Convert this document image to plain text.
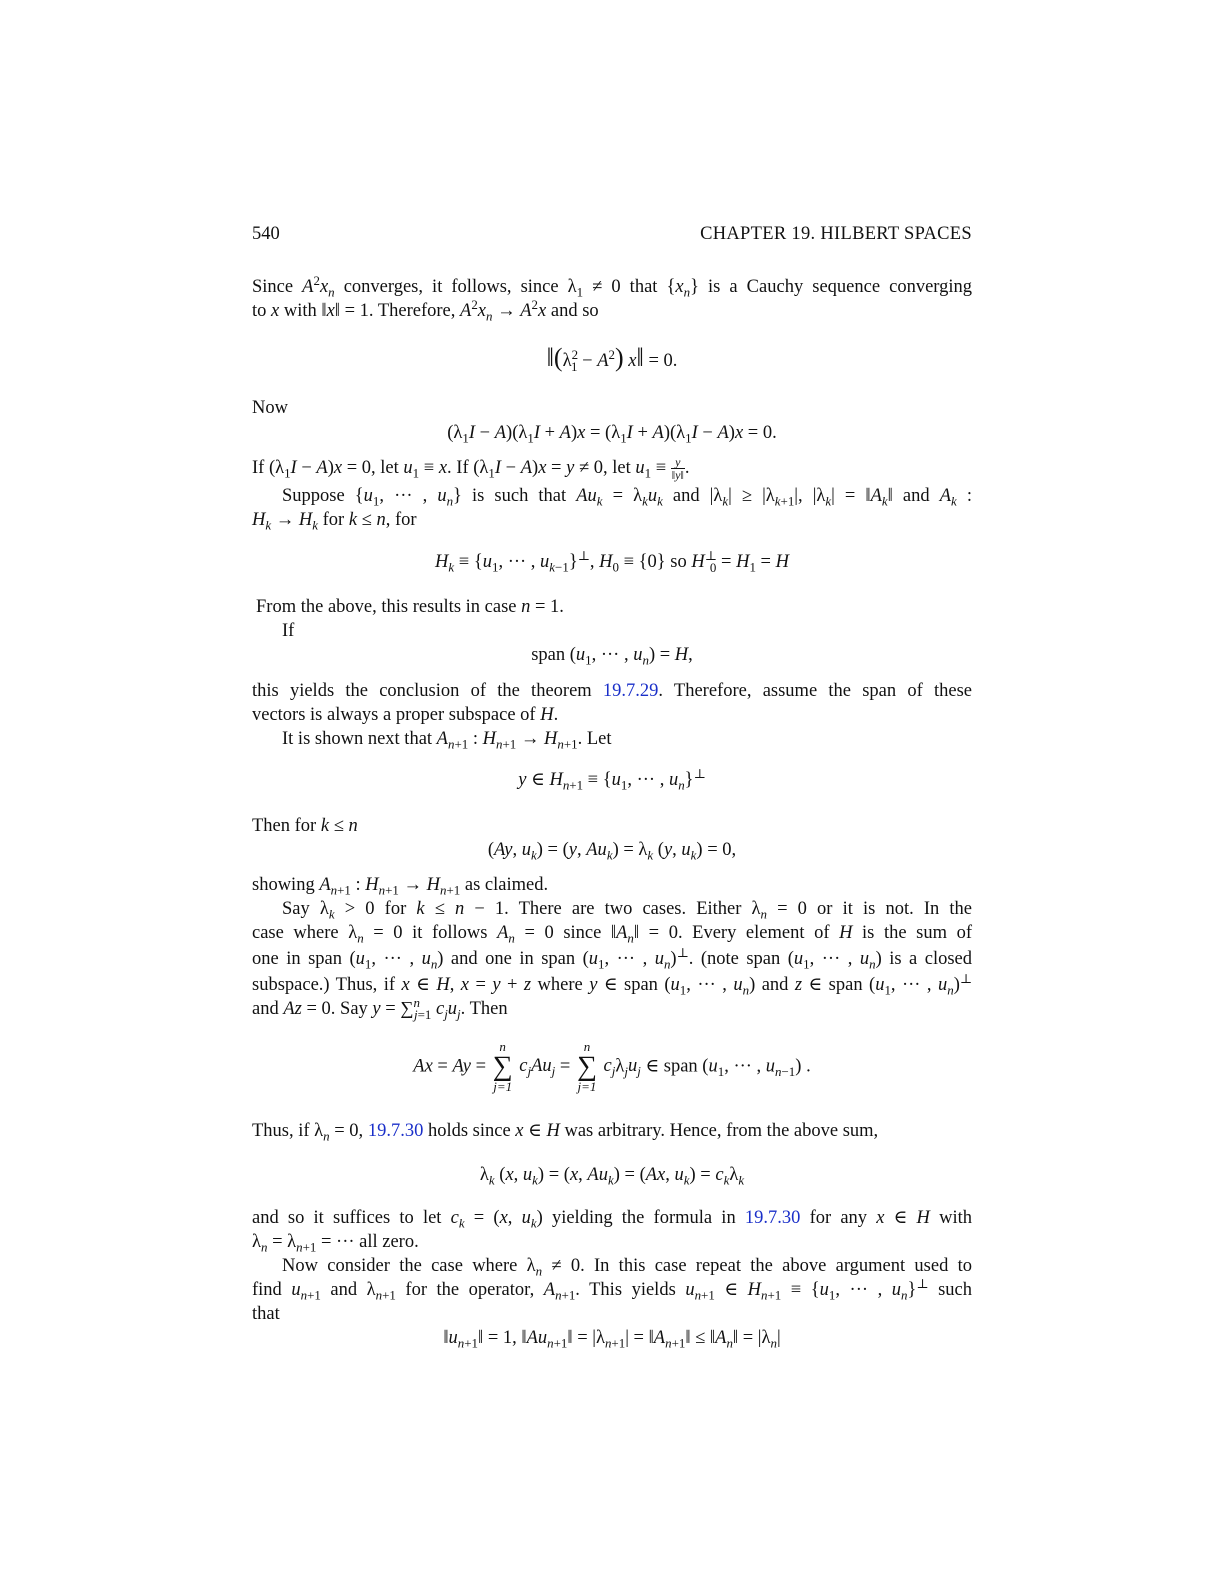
540	CHAPTER 19. HILBERT SPACES
Since $A^2x_n$ converges, it follows, since $\lambda_1 \ne 0$ that $\{x_n\}$ is a Cauchy sequence converging
to x with ‖x‖ = 1. Therefore, $A^2x_n \to A^2x$ and so
$‖(\lambda^2_1 - A^2)$ x‖ = 0.
Now
$(\lambda_1I - A)(\lambda_1I + A)x = (\lambda_1I + A)(\lambda_1I - A)x = 0$.
If $(\lambda_1I - A)x = 0$, let $u_1 \equiv x$. If $(\lambda_1I - A)x = y \ne 0$, let $u_1 \equiv \frac{y}{‖y‖}$ .
Suppose {$u_1$, ··· , $u_n$} is such that $Au_k = \lambda_ku_k$ and $|\lambda_k| \ge |\lambda_{k+1}|$, $|\lambda_k|$ = $‖A_k‖$ and $A_k$ :
$H_k \to H_k$ for k ≤ n, for
$H_k \equiv \{u_1$, ··· , $u_{k-1}\}^\perp$, $H_0 \equiv \{0\}$ so $H^\perp_0 = H_1 = H$
From the above, this results in case n = 1.
If
span ($u_1$, ··· , $u_n) = H$,
this yields the conclusion of the theorem 19.7.29. Therefore, assume the span of these
vectors is always a proper subspace of H.
It is shown next that $A_{n+1}$ : $H_{n+1} \to H_{n+1}$. Let
y ∈ $H_{n+1} \equiv \{u_1$, ··· , $u_n\}^\perp$
Then for k ≤ n
(Ay, $u_k) = (y$, $Au_k) = \lambda_k$ (y, $u_k) = 0$,
showing $A_{n+1}$ : $H_{n+1} \to H_{n+1}$ as claimed.
Say $\lambda_k > 0$ for k ≤ n − 1. There are two cases. Either $\lambda_n = 0$ or it is not. In the
case where $\lambda_n = 0$ it follows $A_n = 0$ since $‖A_n‖ = 0$. Every element of H is the sum of
one in span ($u_1$, ··· , $u_n$) and one in span ($u_1$, ··· , $u_n)^\perp$. (note span ($u_1$, ··· , $u_n$) is a closed
subspace.) Thus, if x ∈ H, x = y + z where y ∈ span ($u_1$, ··· , $u_n$) and z ∈ span ($u_1$, ··· , $u_n)^\perp$
and Az = 0. Say y = ∑$^n_{j=1}$ $c_ju_j$. Then
Ax = Ay =
n
∑
j=1
$c_jAu_j$ =
n
∑
j=1
$c_j\lambda_ju_j$ ∈ span ($u_1$, ··· , $u_{n-1}$) .
Thus, if $\lambda_n = 0$, 19.7.30 holds since x ∈ H was arbitrary. Hence, from the above sum,
$\lambda_k$ (x, $u_k) = (x$, $Au_k) = (Ax$, $u_k) = c_k\lambda_k$
and so it suffices to let $c_k = (x$, $u_k$) yielding the formula in 19.7.30 for any x ∈ H with
$\lambda_n = \lambda_{n+1}$ = ··· all zero.
Now consider the case where $\lambda_n \ne 0$. In this case repeat the above argument used to
find $u_{n+1}$ and $\lambda_{n+1}$ for the operator, $A_{n+1}$. This yields $u_{n+1}$ ∈ $H_{n+1} \equiv \{u_1$, ··· , $u_n\}^\perp$ such
that
$‖u_{n+1}‖ = 1$, $‖Au_{n+1}‖ = |\lambda_{n+1}|$ = $‖A_{n+1}‖$ ≤ $‖A_n‖ = |\lambda_n|$
